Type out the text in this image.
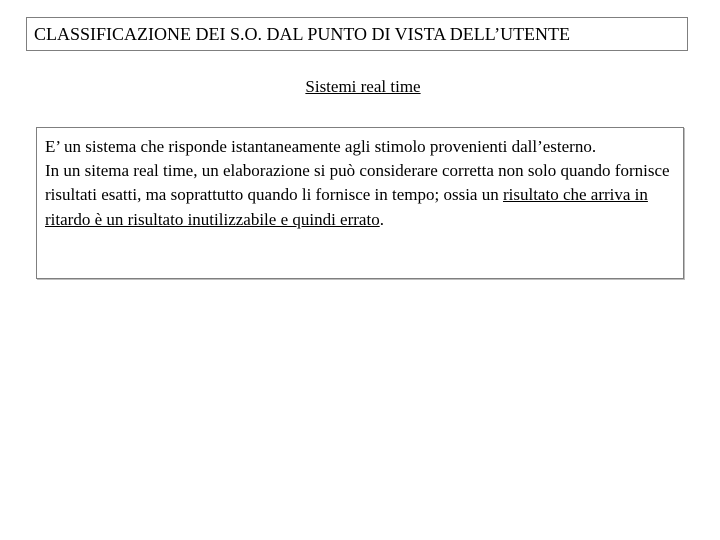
CLASSIFICAZIONE DEI S.O. DAL PUNTO DI VISTA DELL’UTENTE
Sistemi real time

E’ un sistema che risponde istantaneamente agli stimolo provenienti dall’esterno.

In un sitema real time, un elaborazione si può considerare corretta non solo quando fornisce risultati esatti, ma soprattutto quando li fornisce in tempo; ossia un risultato che arriva in ritardo è un risultato inutilizzabile e quindi errato.
